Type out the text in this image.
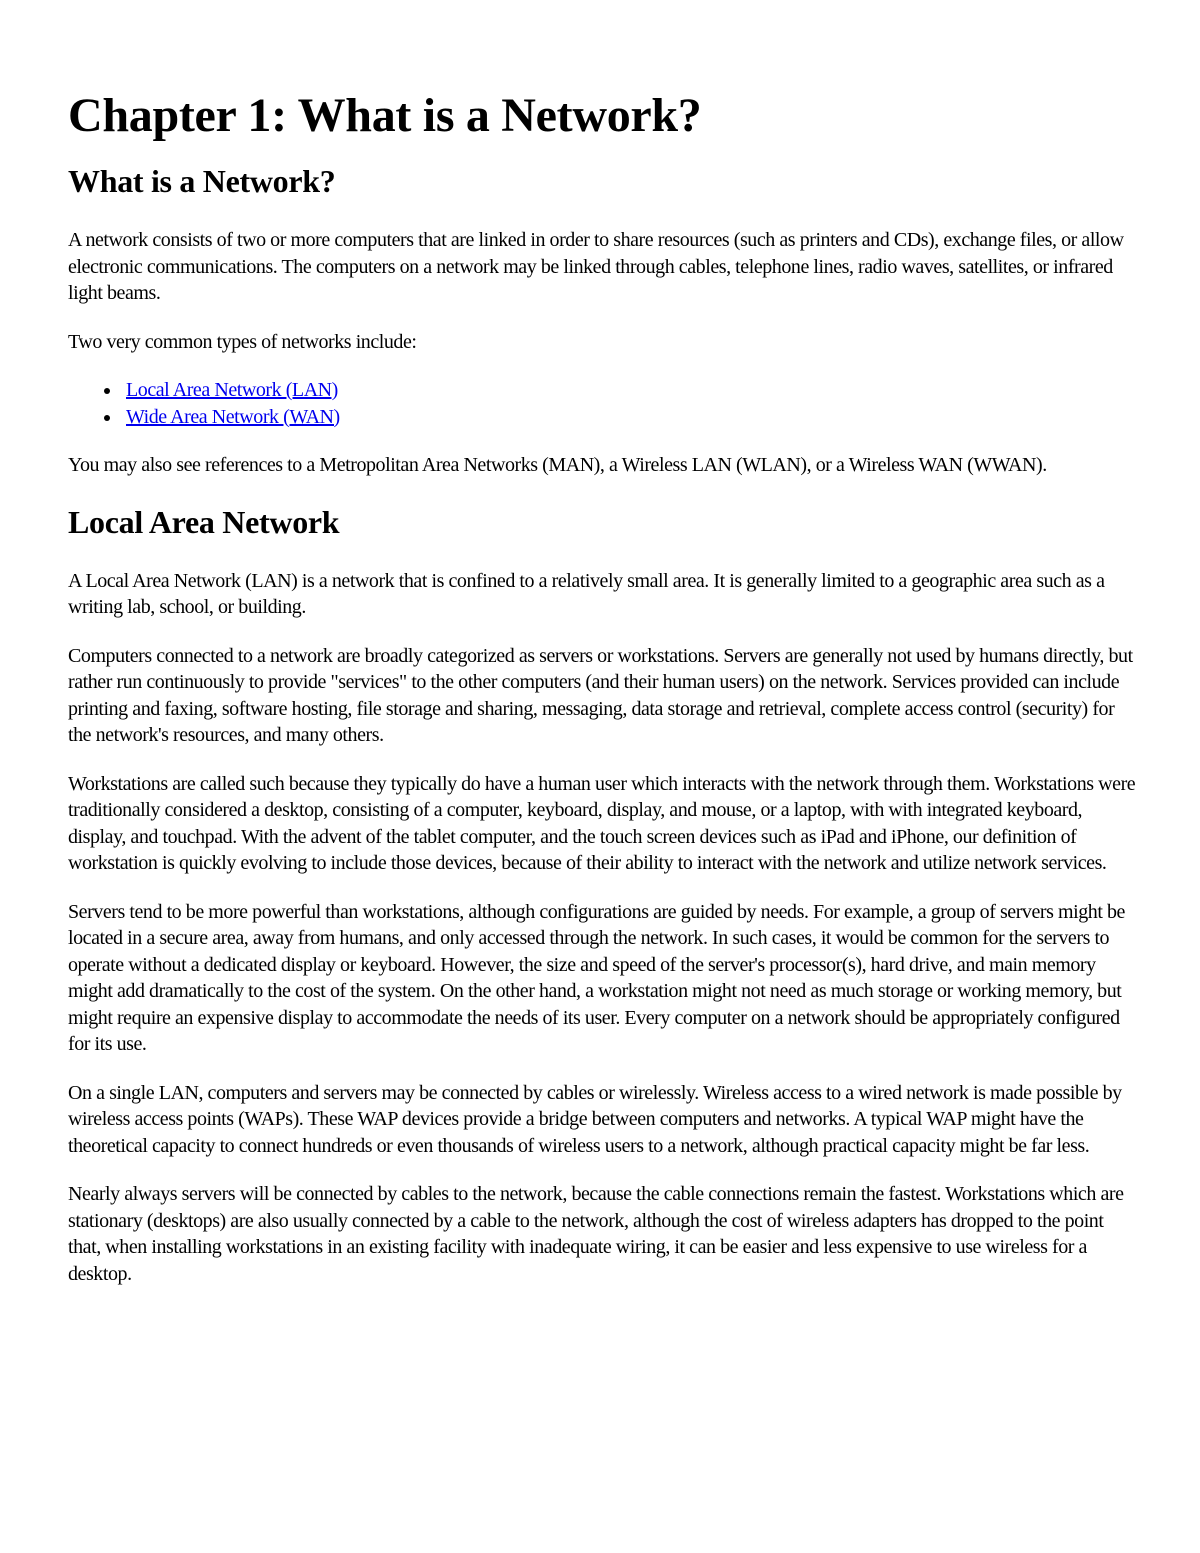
Chapter 1: What is a Network?
What is a Network?

A network consists of two or more computers that are linked in order to share resources (such as printers and CDs), exchange files, or allow electronic communications. The computers on a network may be linked through cables, telephone lines, radio waves, satellites, or infrared light beams.

Two very common types of networks include:

Local Area Network (LAN)
Wide Area Network (WAN)

You may also see references to a Metropolitan Area Networks (MAN), a Wireless LAN (WLAN), or a Wireless WAN (WWAN).

Local Area Network

A Local Area Network (LAN) is a network that is confined to a relatively small area. It is generally limited to a geographic area such as a writing lab, school, or building.

Computers connected to a network are broadly categorized as servers or workstations. Servers are generally not used by humans directly, but rather run continuously to provide "services" to the other computers (and their human users) on the network. Services provided can include printing and faxing, software hosting, file storage and sharing, messaging, data storage and retrieval, complete access control (security) for the network's resources, and many others.

Workstations are called such because they typically do have a human user which interacts with the network through them. Workstations were traditionally considered a desktop, consisting of a computer, keyboard, display, and mouse, or a laptop, with with integrated keyboard, display, and touchpad. With the advent of the tablet computer, and the touch screen devices such as iPad and iPhone, our definition of workstation is quickly evolving to include those devices, because of their ability to interact with the network and utilize network services.

Servers tend to be more powerful than workstations, although configurations are guided by needs. For example, a group of servers might be located in a secure area, away from humans, and only accessed through the network. In such cases, it would be common for the servers to operate without a dedicated display or keyboard. However, the size and speed of the server's processor(s), hard drive, and main memory might add dramatically to the cost of the system. On the other hand, a workstation might not need as much storage or working memory, but might require an expensive display to accommodate the needs of its user. Every computer on a network should be appropriately configured for its use.

On a single LAN, computers and servers may be connected by cables or wirelessly. Wireless access to a wired network is made possible by wireless access points (WAPs). These WAP devices provide a bridge between computers and networks. A typical WAP might have the theoretical capacity to connect hundreds or even thousands of wireless users to a network, although practical capacity might be far less.

Nearly always servers will be connected by cables to the network, because the cable connections remain the fastest. Workstations which are stationary (desktops) are also usually connected by a cable to the network, although the cost of wireless adapters has dropped to the point that, when installing workstations in an existing facility with inadequate wiring, it can be easier and less expensive to use wireless for a desktop.
